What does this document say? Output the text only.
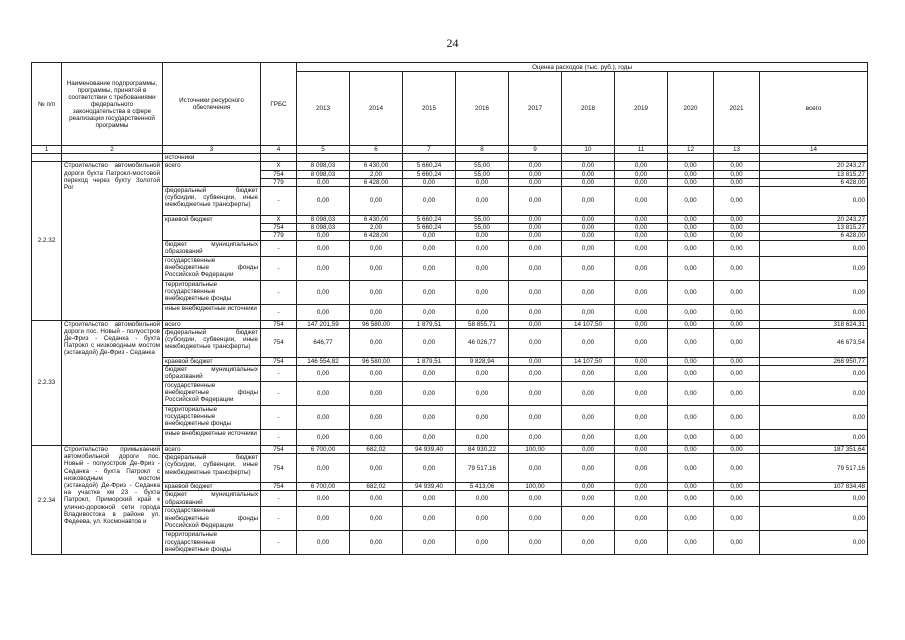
24
№ п/п	Наименование подпрограммы, программы, принятой в соответствии с требованиями федерального законодательства в сфере реализации государственной программы	Источники ресурсного обеспечения	ГРБС	Оценка расходов (тыс. руб.), годы									
				2013	2014	2015	2016	2017	2018	2019	2020	2021	всего
1	2	3	4	5	6	7	8	9	10	11	12	13	14
		источники											
2.2.32	Строительство автомобильной дороги бухта Патрокл-мостовой переход через бухту Золотой Рог	всего	X	8 098,03	6 430,00	5 660,24	55,00	0,00	0,00	0,00	0,00	0,00	20 243,27
			754	8 098,03	2,00	5 660,24	55,00	0,00	0,00	0,00	0,00	0,00	13 815,27
			779	0,00	6 428,00	0,00	0,00	0,00	0,00	0,00	0,00	0,00	6 428,00
		федеральный бюджет (субсидии, субвенции, иные межбюджетные трансферты)	-	0,00	0,00	0,00	0,00	0,00	0,00	0,00	0,00	0,00	0,00
		краевой бюджет	X	8 098,03	6 430,00	5 660,24	55,00	0,00	0,00	0,00	0,00	0,00	20 243,27
			754	8 098,03	2,00	5 660,24	55,00	0,00	0,00	0,00	0,00	0,00	13 815,27
			779	0,00	6 428,00	0,00	0,00	0,00	0,00	0,00	0,00	0,00	6 428,00
		бюджет муниципальных образований	-	0,00	0,00	0,00	0,00	0,00	0,00	0,00	0,00	0,00	0,00
		государственные внебюджетные фонды Российской Федерации	-	0,00	0,00	0,00	0,00	0,00	0,00	0,00	0,00	0,00	0,00
		территориальные государственные внебюджетные фонды	-	0,00	0,00	0,00	0,00	0,00	0,00	0,00	0,00	0,00	0,00
		иные внебюджетные источники	-	0,00	0,00	0,00	0,00	0,00	0,00	0,00	0,00	0,00	0,00
2.2.33	Строительство автомобильной дороги пос. Новый - полуостров Де-Фриз - Седанка - бухта Патрокл с низководным мостом (эстакадой) Де-Фриз - Седанка	всего	754	147 201,59	96 580,00	1 879,51	58 855,71	0,00	14 107,50	0,00	0,00	0,00	318 624,31
		федеральный бюджет (субсидии, субвенции, иные межбюджетные трансферты)	754	646,77	0,00	0,00	46 026,77	0,00	0,00	0,00	0,00	0,00	46 673,54
		краевой бюджет	754	146 554,82	96 580,00	1 879,51	9 828,94	0,00	14 107,50	0,00	0,00	0,00	268 950,77
		бюджет муниципальных образований	-	0,00	0,00	0,00	0,00	0,00	0,00	0,00	0,00	0,00	0,00
		государственные внебюджетные фонды Российской Федерации	-	0,00	0,00	0,00	0,00	0,00	0,00	0,00	0,00	0,00	0,00
		территориальные государственные внебюджетные фонды	-	0,00	0,00	0,00	0,00	0,00	0,00	0,00	0,00	0,00	0,00
		иные внебюджетные источники	-	0,00	0,00	0,00	0,00	0,00	0,00	0,00	0,00	0,00	0,00
2.2.34	Строительство примыкаений автомобильной дороги пос. Новый - полуостров Де-Фриз - Седанка - бухта Патрокл с низководным мостом (эстакадой) Де-Фриз - Седанка на участке км 23 - бухта Патрокл, Приморский край к улично-дорожной сети города Владивостока в районе ул. Федеева, ул. Космонавтов и	всего	754	6 700,00	682,02	94 939,40	84 930,22	100,00	0,00	0,00	0,00	0,00	187 351,64
		федеральный бюджет (субсидии, субвенции, иные межбюджетные трансферты)	754	0,00	0,00	0,00	79 517,16	0,00	0,00	0,00	0,00	0,00	79 517,16
		краевой бюджет	754	6 700,00	682,02	94 939,40	5 413,06	100,00	0,00	0,00	0,00	0,00	107 834,48
		бюджет муниципальных образований	-	0,00	0,00	0,00	0,00	0,00	0,00	0,00	0,00	0,00	0,00
		государственные внебюджетные фонды Российской Федерации	-	0,00	0,00	0,00	0,00	0,00	0,00	0,00	0,00	0,00	0,00
		территориальные государственные внебюджетные фонды	-	0,00	0,00	0,00	0,00	0,00	0,00	0,00	0,00	0,00	0,00
